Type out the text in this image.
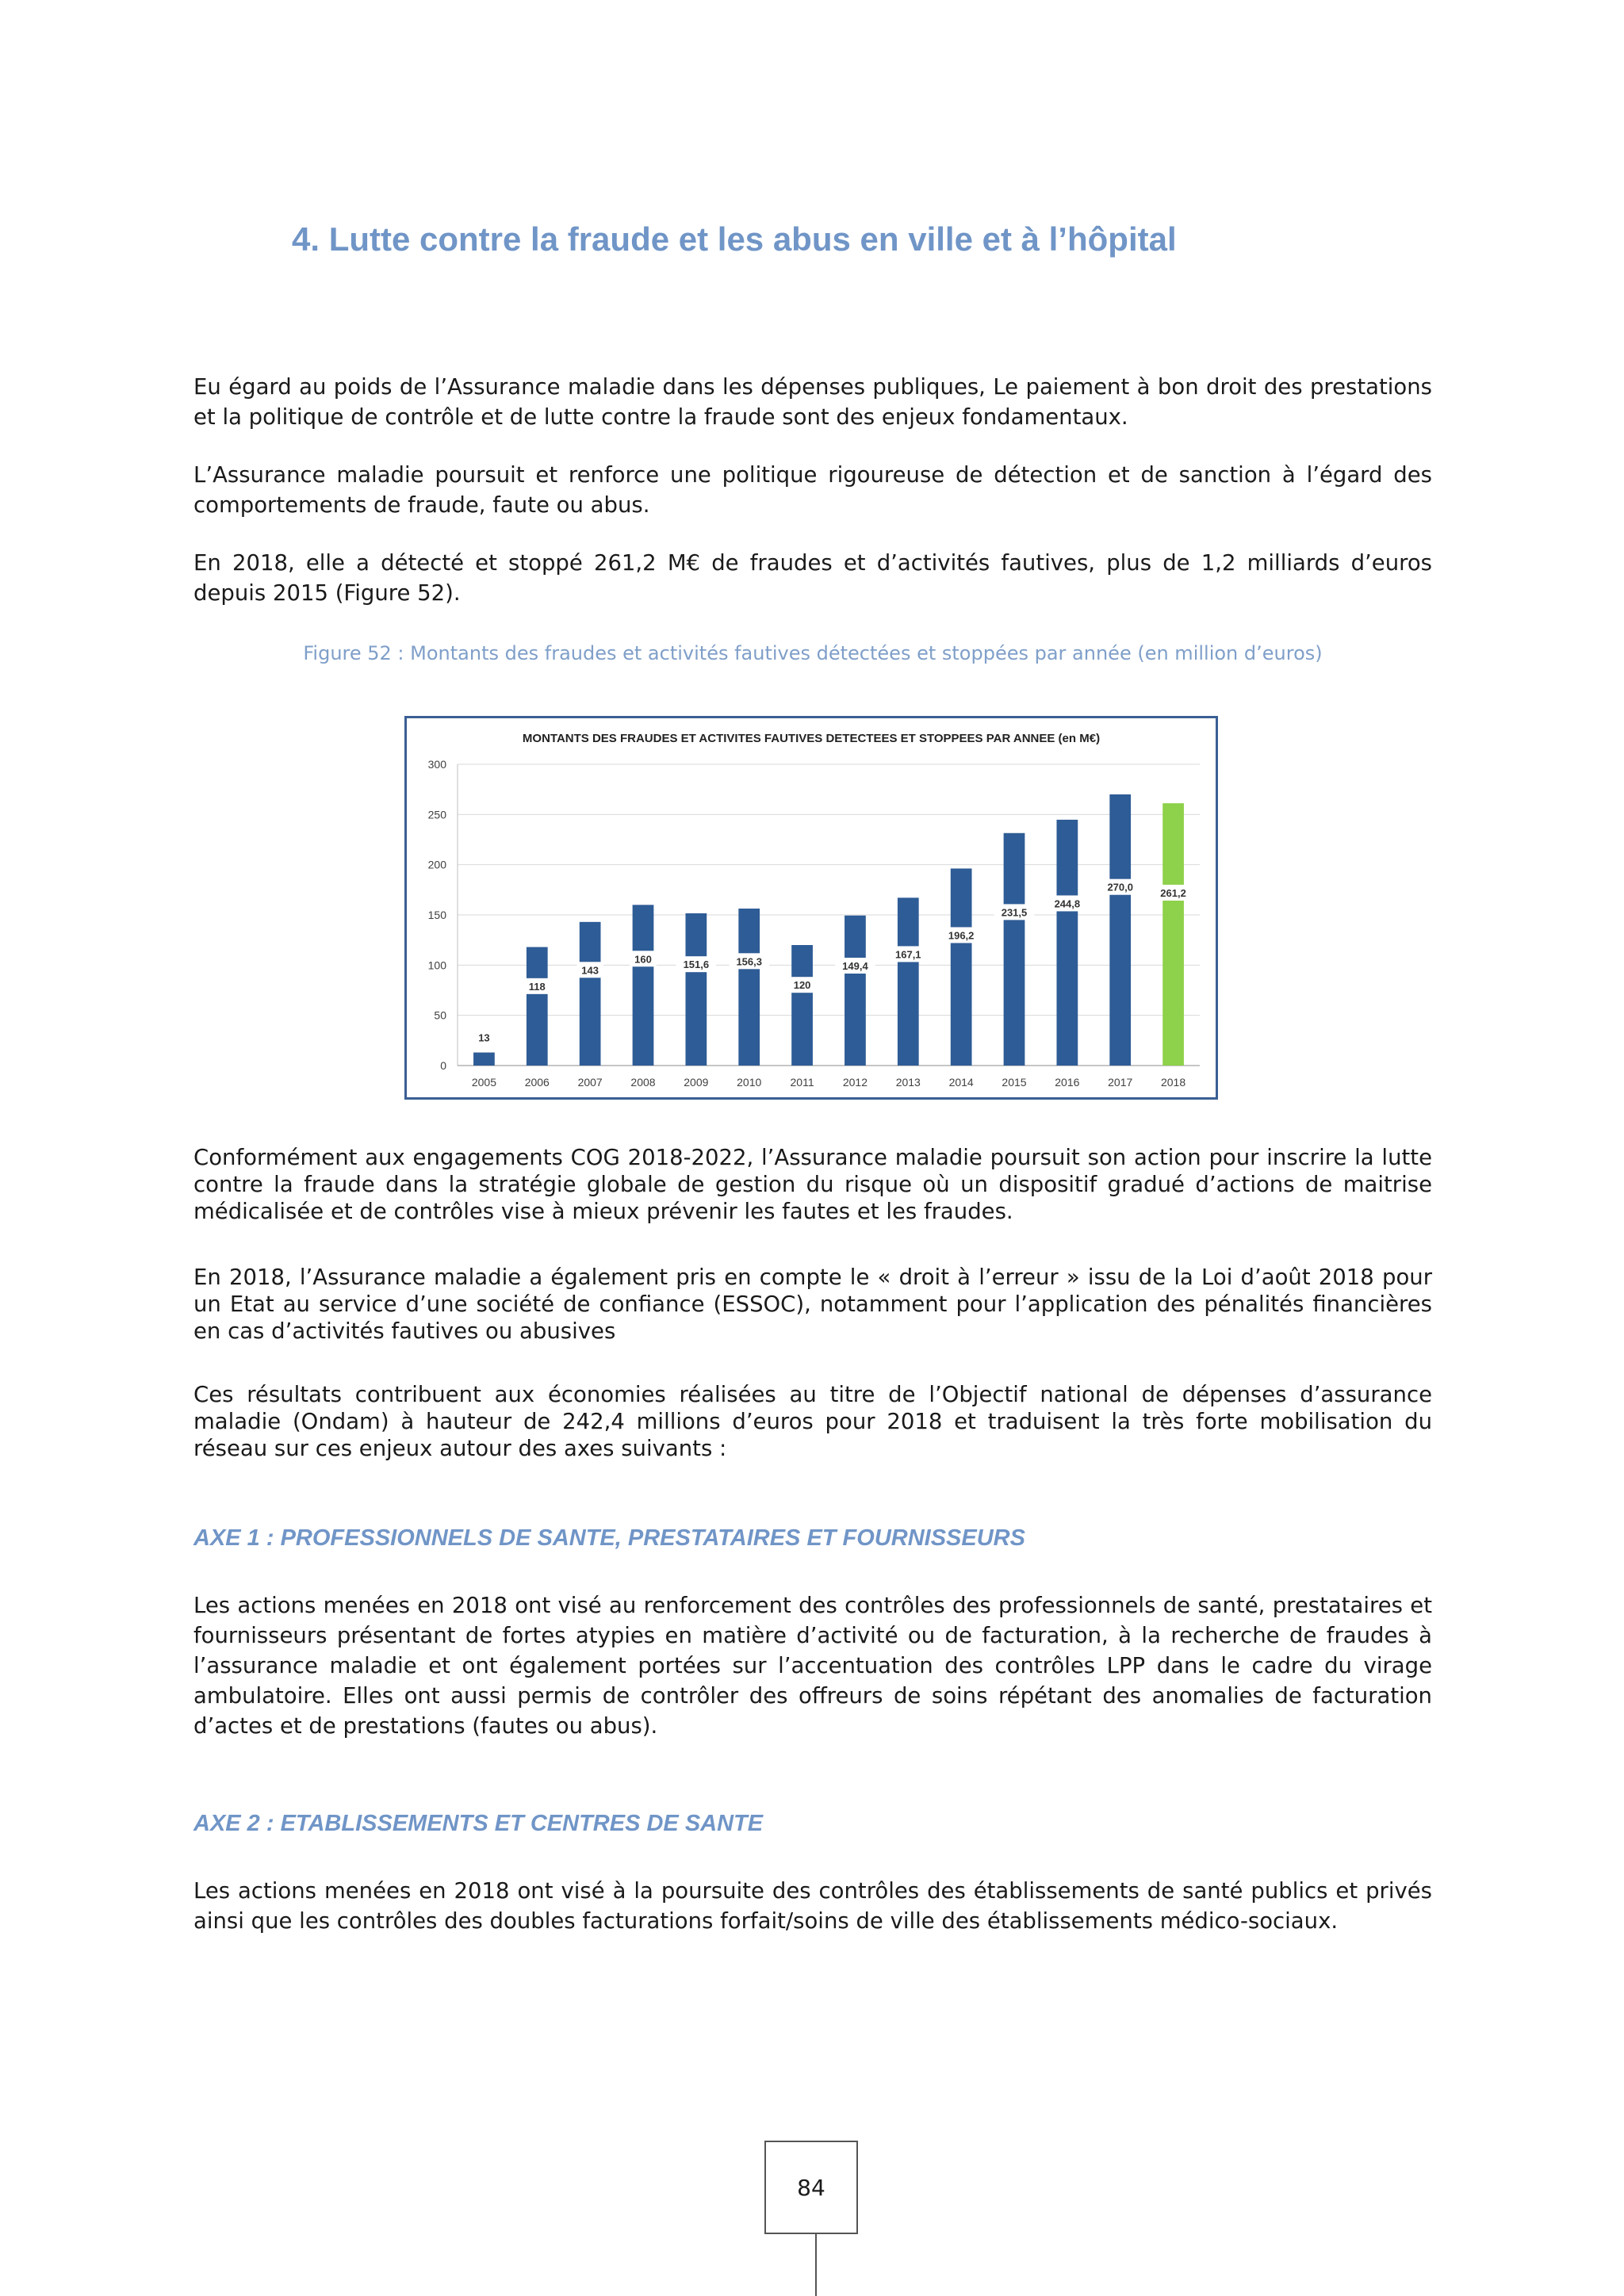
4. Lutte contre la fraude et les abus en ville et à l’hôpital

Eu égard au poids de l’Assurance maladie dans les dépenses publiques, Le paiement à bon droit des prestations et la politique de contrôle et de lutte contre la fraude sont des enjeux fondamentaux.

L’Assurance maladie poursuit et renforce une politique rigoureuse de détection et de sanction à l’égard des comportements de fraude, faute ou abus.

En 2018, elle a détecté et stoppé 261,2 M€ de fraudes et d’activités fautives, plus de 1,2 milliards d’euros depuis 2015 (Figure 52).

Figure 52 : Montants des fraudes et activités fautives détectées et stoppées par année (en million d’euros)

MONTANTS DES FRAUDES ET ACTIVITES FAUTIVES DETECTEES ET STOPPEES PAR ANNEE (en M€)
0
50
100
150
200
250
300
2005	2006	2007	2008	2009	2010	2011	2012	2013	2014	2015	2016	2017	2018
13
118
143
160	151,6	156,3
120
149,4
167,1
196,2
231,5
244,8
270,0	261,2

Conformément aux engagements COG 2018-2022, l’Assurance maladie poursuit son action pour inscrire la lutte contre la fraude dans la stratégie globale de gestion du risque où un dispositif gradué d’actions de maitrise médicalisée et de contrôles vise à mieux prévenir les fautes et les fraudes.

En 2018, l’Assurance maladie a également pris en compte le « droit à l’erreur » issu de la Loi d’août 2018 pour un Etat au service d’une société de confiance (ESSOC), notamment pour l’application des pénalités financières en cas d’activités fautives ou abusives

Ces résultats contribuent aux économies réalisées au titre de l’Objectif national de dépenses d’assurance maladie (Ondam) à hauteur de 242,4 millions d’euros pour 2018 et traduisent la très forte mobilisation du réseau sur ces enjeux autour des axes suivants :

AXE 1 : PROFESSIONNELS DE SANTE, PRESTATAIRES ET FOURNISSEURS

Les actions menées en 2018 ont visé au renforcement des contrôles des professionnels de santé, prestataires et fournisseurs présentant de fortes atypies en matière d’activité ou de facturation, à la recherche de fraudes à l’assurance maladie et ont également portées sur l’accentuation des contrôles LPP dans le cadre du virage ambulatoire. Elles ont aussi permis de contrôler des offreurs de soins répétant des anomalies de facturation d’actes et de prestations (fautes ou abus).

AXE 2 : ETABLISSEMENTS ET CENTRES DE SANTE

Les actions menées en 2018 ont visé à la poursuite des contrôles des établissements de santé publics et privés ainsi que les contrôles des doubles facturations forfait/soins de ville des établissements médico-sociaux.

84
